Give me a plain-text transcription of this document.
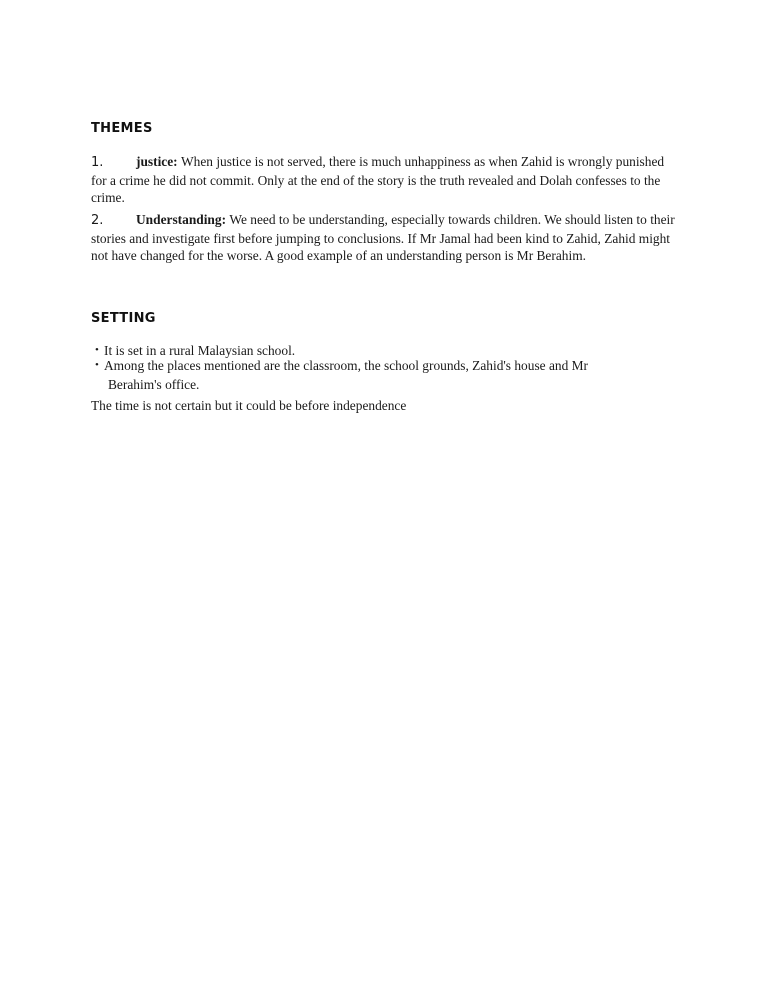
THEMES
1. justice: When justice is not served, there is much unhappiness as when Zahid is wrongly punished for a crime he did not commit. Only at the end of the story is the truth revealed and Dolah confesses to the crime.
2. Understanding: We need to be understanding, especially towards children. We should listen to their stories and investigate first before jumping to conclusions. If Mr Jamal had been kind to Zahid, Zahid might not have changed for the worse. A good example of an understanding person is Mr Berahim.
SETTING
• It is set in a rural Malaysian school.
• Among the places mentioned are the classroom, the school grounds, Zahid's house and Mr
Berahim's office.
The time is not certain but it could be before independence
